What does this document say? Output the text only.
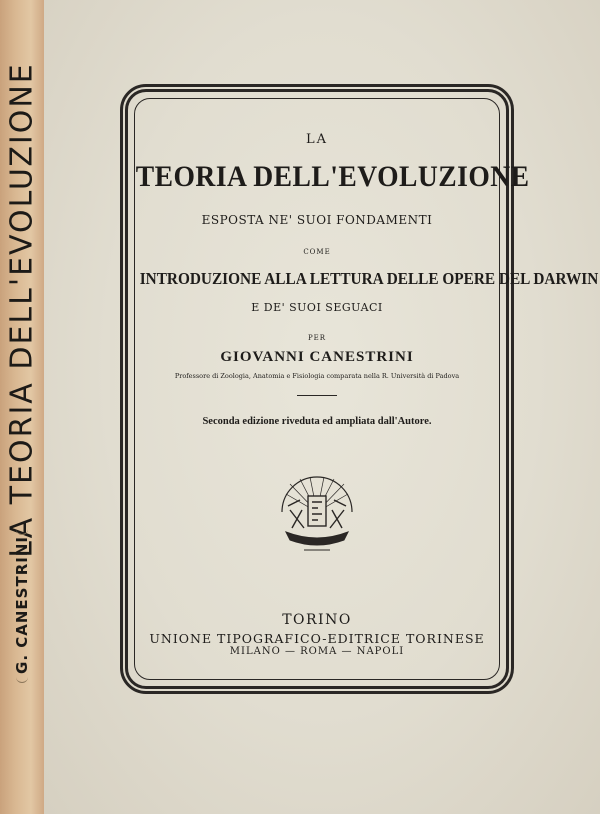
LA TEORIA DELL'EVOLUZIONE
G. CANESTRINI
LA
TEORIA DELL'EVOLUZIONE
ESPOSTA NE' SUOI FONDAMENTI
COME
INTRODUZIONE ALLA LETTURA DELLE OPERE DEL DARWIN
E DE' SUOI SEGUACI
PER
GIOVANNI CANESTRINI
Professore di Zoologia, Anatomia e Fisiologia comparata nella R. Università di Padova
Seconda edizione riveduta ed ampliata dall'Autore.
TORINO
UNIONE TIPOGRAFICO-EDITRICE TORINESE
MILANO — ROMA — NAPOLI
